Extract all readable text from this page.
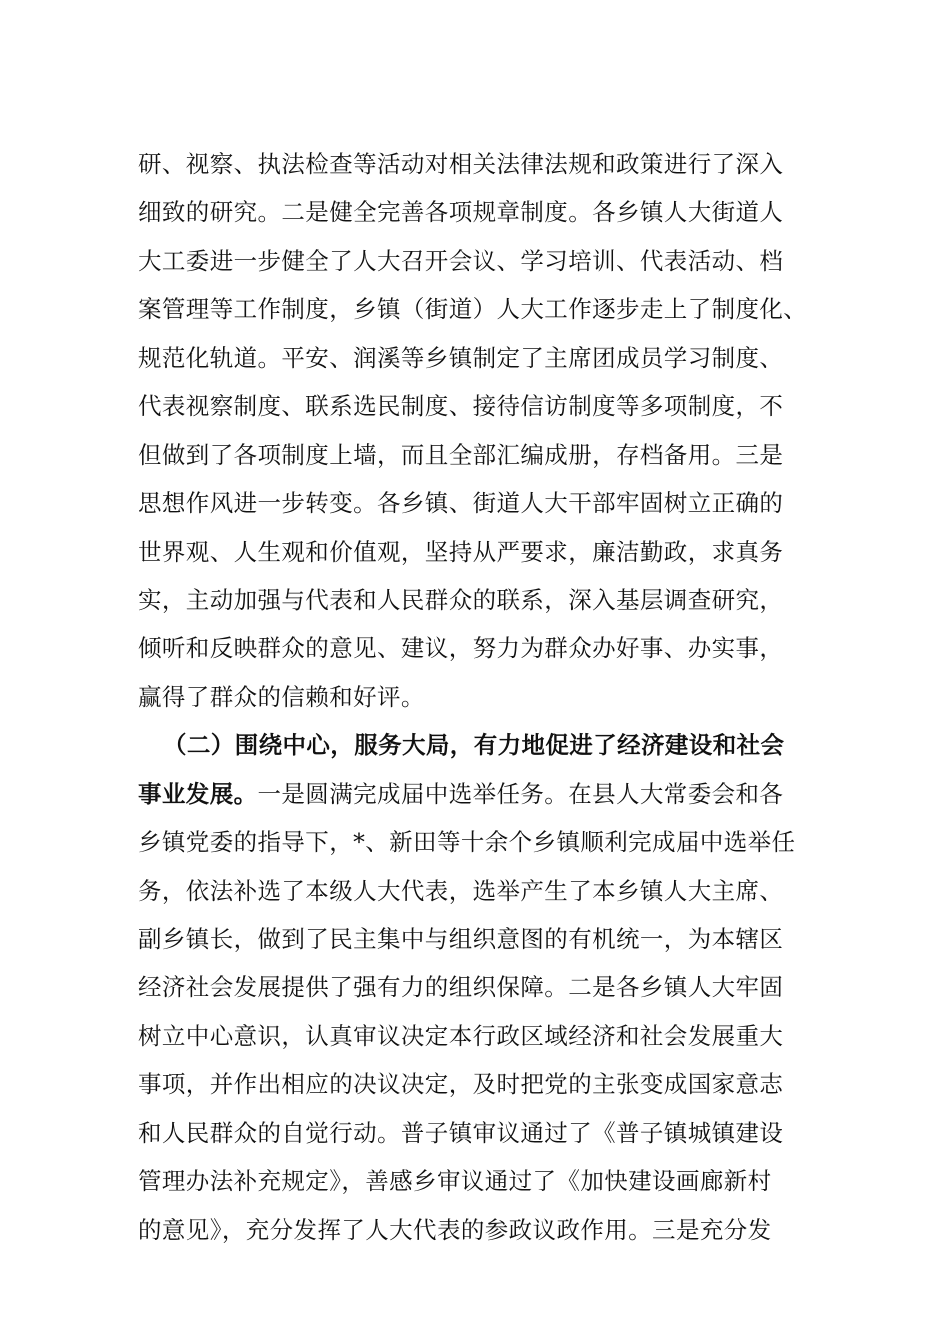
研、视察、执法检查等活动对相关法律法规和政策进行了深入
细致的研究。二是健全完善各项规章制度。各乡镇人大街道人
大工委进一步健全了人大召开会议、学习培训、代表活动、档
案管理等工作制度，乡镇（街道）人大工作逐步走上了制度化、
规范化轨道。平安、润溪等乡镇制定了主席团成员学习制度、
代表视察制度、联系选民制度、接待信访制度等多项制度，不
但做到了各项制度上墙，而且全部汇编成册，存档备用。三是
思想作风进一步转变。各乡镇、街道人大干部牢固树立正确的
世界观、人生观和价值观，坚持从严要求，廉洁勤政，求真务
实，主动加强与代表和人民群众的联系，深入基层调查研究，
倾听和反映群众的意见、建议，努力为群众办好事、办实事，
赢得了群众的信赖和好评。
（二）围绕中心，服务大局，有力地促进了经济建设和社会
事业发展。一是圆满完成届中选举任务。在县人大常委会和各
乡镇党委的指导下，*、新田等十余个乡镇顺利完成届中选举任
务，依法补选了本级人大代表，选举产生了本乡镇人大主席、
副乡镇长，做到了民主集中与组织意图的有机统一，为本辖区
经济社会发展提供了强有力的组织保障。二是各乡镇人大牢固
树立中心意识，认真审议决定本行政区域经济和社会发展重大
事项，并作出相应的决议决定，及时把党的主张变成国家意志
和人民群众的自觉行动。普子镇审议通过了《普子镇城镇建设
管理办法补充规定》，善感乡审议通过了《加快建设画廊新村
的意见》，充分发挥了人大代表的参政议政作用。三是充分发
